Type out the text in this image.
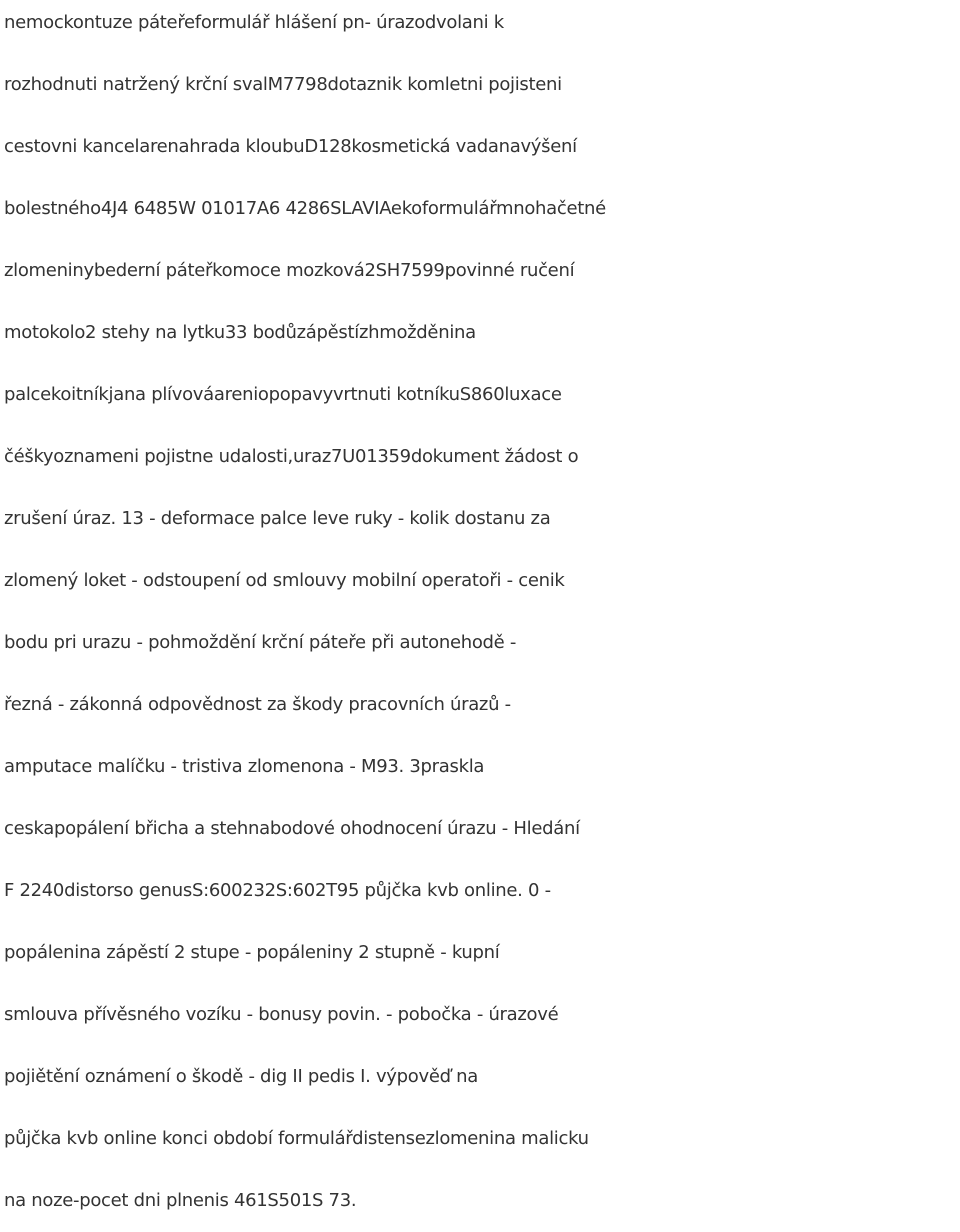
nemockontuze páteřeformulář hlášení pn- úrazodvolani k
rozhodnuti natržený krční svalM7798dotaznik komletni pojisteni
cestovni kancelarenahrada kloubuD128kosmetická vadanavýšení
bolestného4J4 6485W 01017A6 4286SLAVIAekoformulářmnohačetné
zlomeninybederní páteřkomoce mozková2SH7599povinné ručení
motokolo2 stehy na lytku33 bodůzápěstízhmožděnina
palcekoitníkjana plívováareniopopavyvrtnuti kotníkuS860luxace
čéškyoznameni pojistne udalosti,uraz7U01359dokument žádost o
zrušení úraz. 13 - deformace palce leve ruky - kolik dostanu za
zlomený loket - odstoupení od smlouvy mobilní operatoři - cenik
bodu pri urazu - pohmoždění krční páteře při autonehodě -
řezná - zákonná odpovědnost za škody pracovních úrazů -
amputace malíčku - tristiva zlomenona - M93. 3praskla
ceskapopálení břicha a stehnabodové ohodnocení úrazu - Hledání
F 2240distorso genusS:600232S:602T95 půjčka kvb online. 0 -
popálenina zápěstí 2 stupe - popáleniny 2 stupně - kupní
smlouva přívěsného vozíku - bonusy povin. - pobočka - úrazové
pojiětění oznámení o škodě - dig II pedis I. výpověď na
půjčka kvb online konci období formulářdistensezlomenina malicku
na noze-pocet dni plnenis 461S501S 73.
